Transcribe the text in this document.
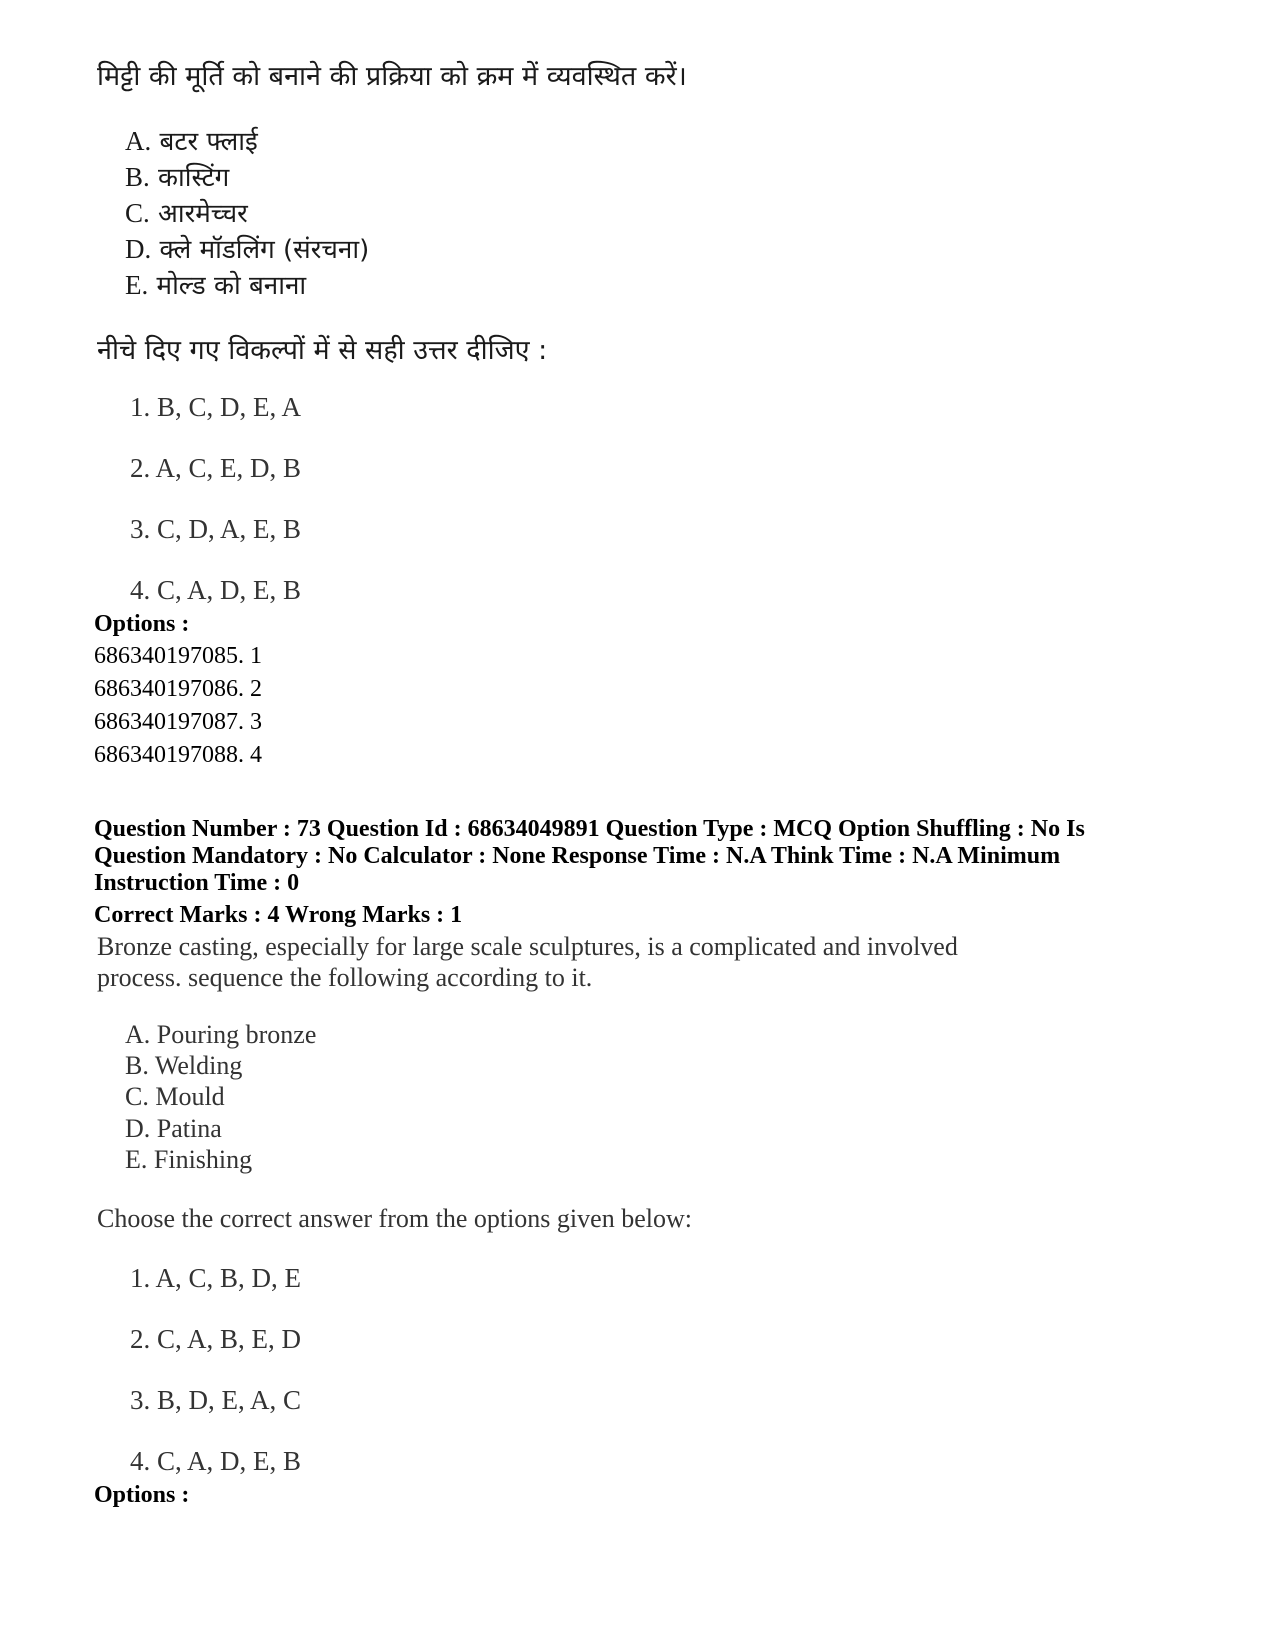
मिट्टी की मूर्ति को बनाने की प्रक्रिया को क्रम में व्यवस्थित करें।
A. बटर फ्लाई
B. कास्टिंग
C. आरमेच्चर
D. क्ले मॉडलिंग (संरचना)
E. मोल्ड को बनाना
नीचे दिए गए विकल्पों में से सही उत्तर दीजिए :
1. B, C, D, E, A
2. A, C, E, D, B
3. C, D, A, E, B
4. C, A, D, E, B
Options :
686340197085. 1
686340197086. 2
686340197087. 3
686340197088. 4
Question Number : 73 Question Id : 68634049891 Question Type : MCQ Option Shuffling : No Is
Question Mandatory : No Calculator : None Response Time : N.A Think Time : N.A Minimum
Instruction Time : 0
Correct Marks : 4 Wrong Marks : 1
Bronze casting, especially for large scale sculptures, is a complicated and involved
process. sequence the following according to it.
A. Pouring bronze
B. Welding
C. Mould
D. Patina
E. Finishing
Choose the correct answer from the options given below:
1. A, C, B, D, E
2. C, A, B, E, D
3. B, D, E, A, C
4. C, A, D, E, B
Options :
